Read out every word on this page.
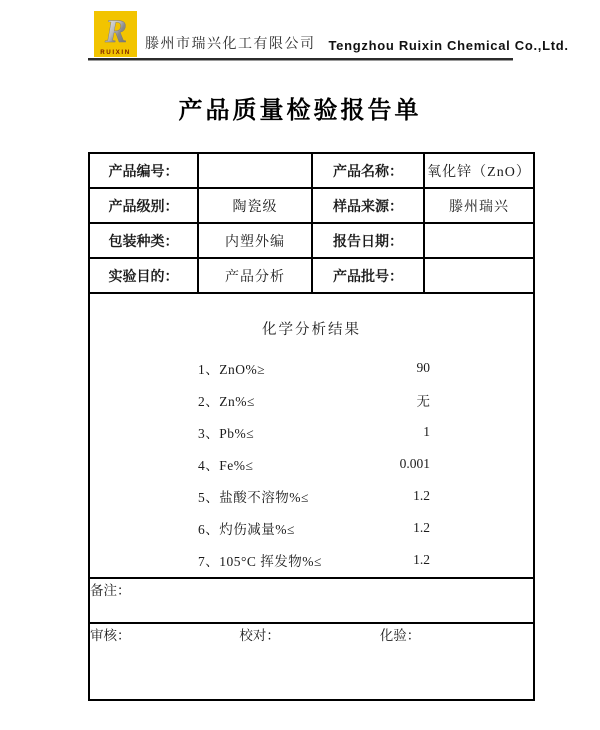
R
RUIXIN
滕州市瑞兴化工有限公司 Tengzhou Ruixin Chemical Co.,Ltd.
产品质量检验报告单
产品编号：		产品名称：	氧化锌（ZnO）
产品级别：	陶瓷级	样品来源：	滕州瑞兴
包装种类：	内塑外编	报告日期：	
实验目的：	产品分析	产品批号：	

化学分析结果
1、ZnO%≥	90
2、Zn%≤	无
3、Pb%≤	1
4、Fe%≤	0.001
5、盐酸不溶物%≤	1.2
6、灼伤减量%≤	1.2
7、105°C 挥发物%≤	1.2

备注：			
审核： 校对： 化验：			
